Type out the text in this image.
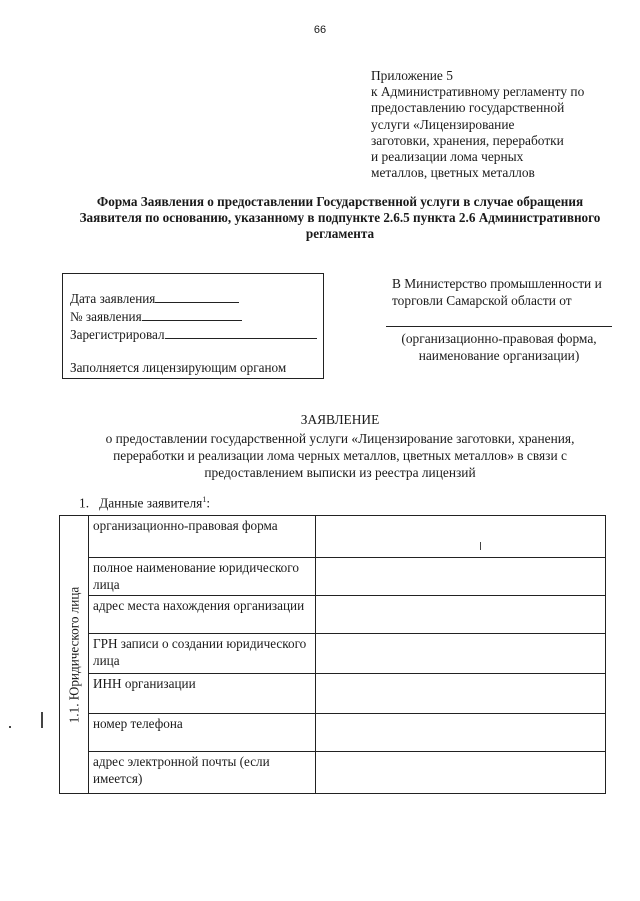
66
Приложение 5
к Административному регламенту по
предоставлению государственной
услуги «Лицензирование
заготовки, хранения, переработки
и реализации лома черных
металлов, цветных металлов
Форма Заявления о предоставлении Государственной услуги в случае обращения
Заявителя по основанию, указанному в подпункте 2.6.5 пункта 2.6 Административного
регламента
Дата заявления
№ заявления
Зарегистрировал
Заполняется лицензирующим органом
В Министерство промышленности и
торговли Самарской области от
(организационно-правовая форма,
наименование организации)
ЗАЯВЛЕНИЕ
о предоставлении государственной услуги «Лицензирование заготовки, хранения,
переработки и реализации лома черных металлов, цветных металлов» в связи с
предоставлением выписки из реестра лицензий
1. Данные заявителя$^1$:
1.1. Юридического лица	организационно-правовая форма	
	полное наименование юридического лица	
	адрес места нахождения организации	
	ГРН записи о создании юридического лица	
	ИНН организации	
	номер телефона	
	адрес электронной почты (если имеется)	
